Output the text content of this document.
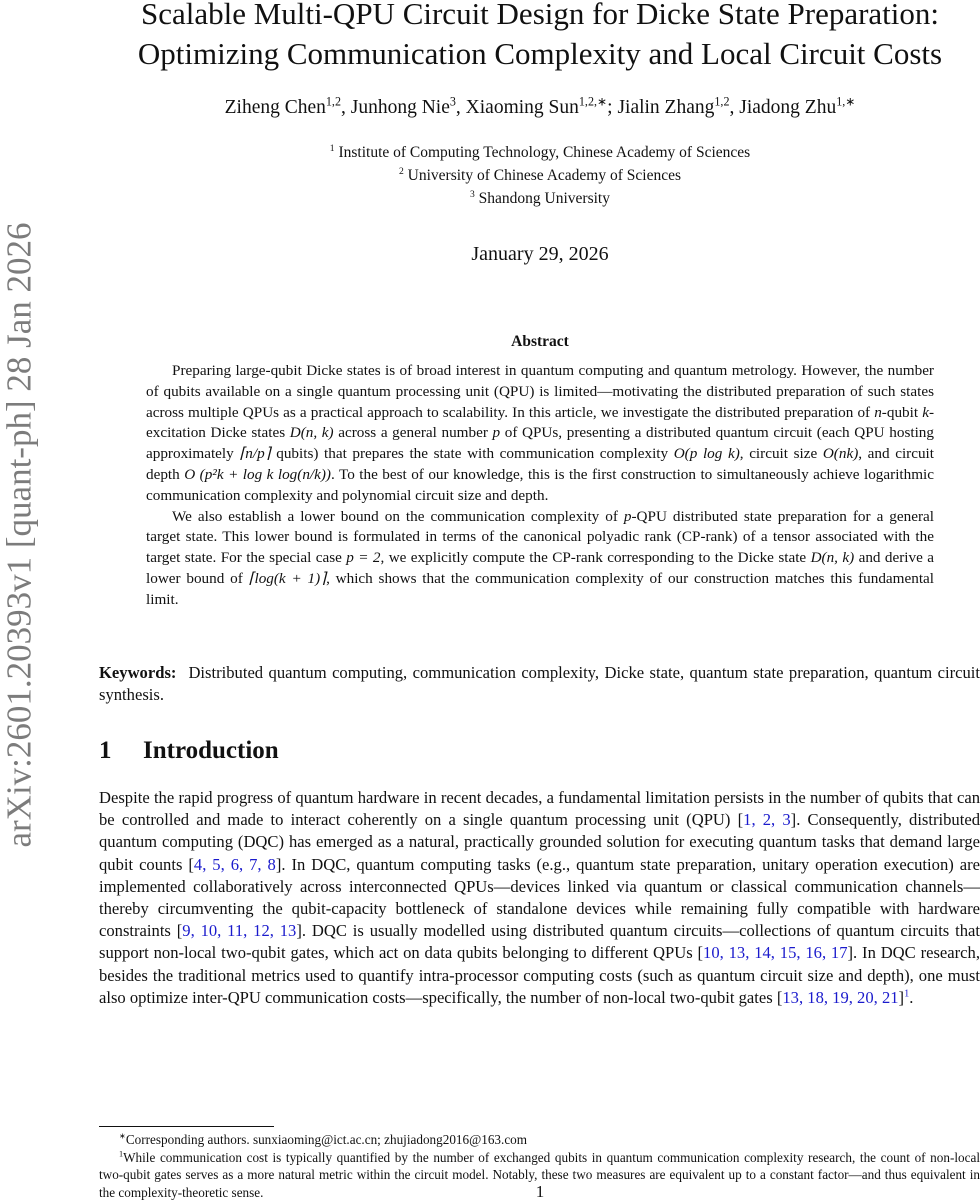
arXiv:2601.20393v1 [quant-ph] 28 Jan 2026
Scalable Multi-QPU Circuit Design for Dicke State Preparation:
Optimizing Communication Complexity and Local Circuit Costs
Ziheng Chen$^{1,2}$, Junhong Nie$^3$, Xiaoming Sun$^{1,2,∗}$; Jialin Zhang$^{1,2}$, Jiadong Zhu$^{1,∗}$
$^1$ Institute of Computing Technology, Chinese Academy of Sciences
$^2$ University of Chinese Academy of Sciences
$^3$ Shandong University
January 29, 2026
Abstract

Preparing large-qubit Dicke states is of broad interest in quantum computing and quantum metrology. However, the number of qubits available on a single quantum processing unit (QPU) is limited—motivating the distributed preparation of such states across multiple QPUs as a practical approach to scalability. In this article, we investigate the distributed preparation of n-qubit k-excitation Dicke states D(n, k) across a general number p of QPUs, presenting a distributed quantum circuit (each QPU hosting approximately ⌈n/p⌉ qubits) that prepares the state with communication complexity O(p log k), circuit size O(nk), and circuit depth O (p²k + log k log(n/k)). To the best of our knowledge, this is the first construction to simultaneously achieve logarithmic communication complexity and polynomial circuit size and depth.

We also establish a lower bound on the communication complexity of p-QPU distributed state preparation for a general target state. This lower bound is formulated in terms of the canonical polyadic rank (CP-rank) of a tensor associated with the target state. For the special case p = 2, we explicitly compute the CP-rank corresponding to the Dicke state D(n, k) and derive a lower bound of ⌈log(k + 1)⌉, which shows that the communication complexity of our construction matches this fundamental limit.

Keywords: Distributed quantum computing, communication complexity, Dicke state, quantum state preparation, quantum circuit synthesis.
1 Introduction

Despite the rapid progress of quantum hardware in recent decades, a fundamental limitation persists in the number of qubits that can be controlled and made to interact coherently on a single quantum processing unit (QPU) [1, 2, 3]. Consequently, distributed quantum computing (DQC) has emerged as a natural, practically grounded solution for executing quantum tasks that demand large qubit counts [4, 5, 6, 7, 8]. In DQC, quantum computing tasks (e.g., quantum state preparation, unitary operation execution) are implemented collaboratively across interconnected QPUs—devices linked via quantum or classical communication channels—thereby circumventing the qubit-capacity bottleneck of standalone devices while remaining fully compatible with hardware constraints [9, 10, 11, 12, 13]. DQC is usually modelled using distributed quantum circuits—collections of quantum circuits that support non-local two-qubit gates, which act on data qubits belonging to different QPUs [10, 13, 14, 15, 16, 17]. In DQC research, besides the traditional metrics used to quantify intra-processor computing costs (such as quantum circuit size and depth), one must also optimize inter-QPU communication costs—specifically, the number of non-local two-qubit gates [13, 18, 19, 20, 21]$^1$.

∗Corresponding authors. sunxiaoming@ict.ac.cn; zhujiadong2016@163.com

$^1$While communication cost is typically quantified by the number of exchanged qubits in quantum communication complexity research, the count of non-local two-qubit gates serves as a more natural metric within the circuit model. Notably, these two measures are equivalent up to a constant factor—and thus equivalent in the complexity-theoretic sense.	1
